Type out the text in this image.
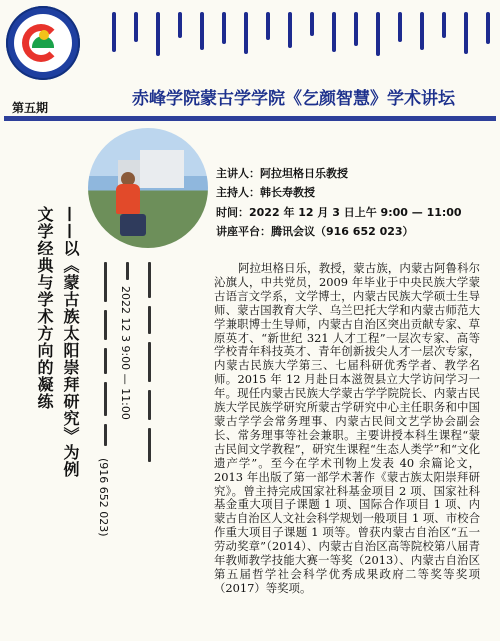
第五期	赤峰学院蒙古学学院《乞颜智慧》学术讲坛
主讲人：阿拉坦格日乐教授
主持人：韩长寿教授
时间：2022 年 12 月 3 日上午 9:00 — 11:00
讲座平台：腾讯会议（916 652 023）
文学经典与学术方向的凝练 ——以《蒙古族太阳崇拜研究》为例
(916 652 023)
2022 12 3 9:00 — 11:00
阿拉坦格日乐，教授，蒙古族，内蒙古阿鲁科尔沁旗人，中共党员，2009 年毕业于中央民族大学蒙古语言文学系，文学博士，内蒙古民族大学硕士生导师、蒙古国教育大学、乌兰巴托大学和内蒙古师范大学兼职博士生导师，内蒙古自治区突出贡献专家、草原英才、“新世纪 321 人才工程”一层次专家、高等学校青年科技英才、青年创新拔尖人才一层次专家，内蒙古民族大学第三、七届科研优秀学者、教学名师。2015 年 12 月赴日本滋贺县立大学访问学习一年。现任内蒙古民族大学蒙古学学院院长、内蒙古民族大学民族学研究所蒙古学研究中心主任职务和中国蒙古学学会常务理事、内蒙古民间文艺学协会副会长、常务理事等社会兼职。主要讲授本科生课程“蒙古民间文学教程”，研究生课程“生态人类学”和“文化遗产学”。至今在学术刊物上发表 40 余篇论文，2013 年出版了第一部学术著作《蒙古族太阳崇拜研究》。曾主持完成国家社科基金项目 2 项、国家社科基金重大项目子课题 1 项、国际合作项目 1 项、内蒙古自治区人文社会科学规划一般项目 1 项、市校合作重大项目子课题 1 项等。曾获内蒙古自治区“五一劳动奖章”（2014）、内蒙古自治区高等院校第八届青年教师教学技能大赛一等奖（2013）、内蒙古自治区第五届哲学社会科学优秀成果政府二等奖等奖项（2017）等奖项。
